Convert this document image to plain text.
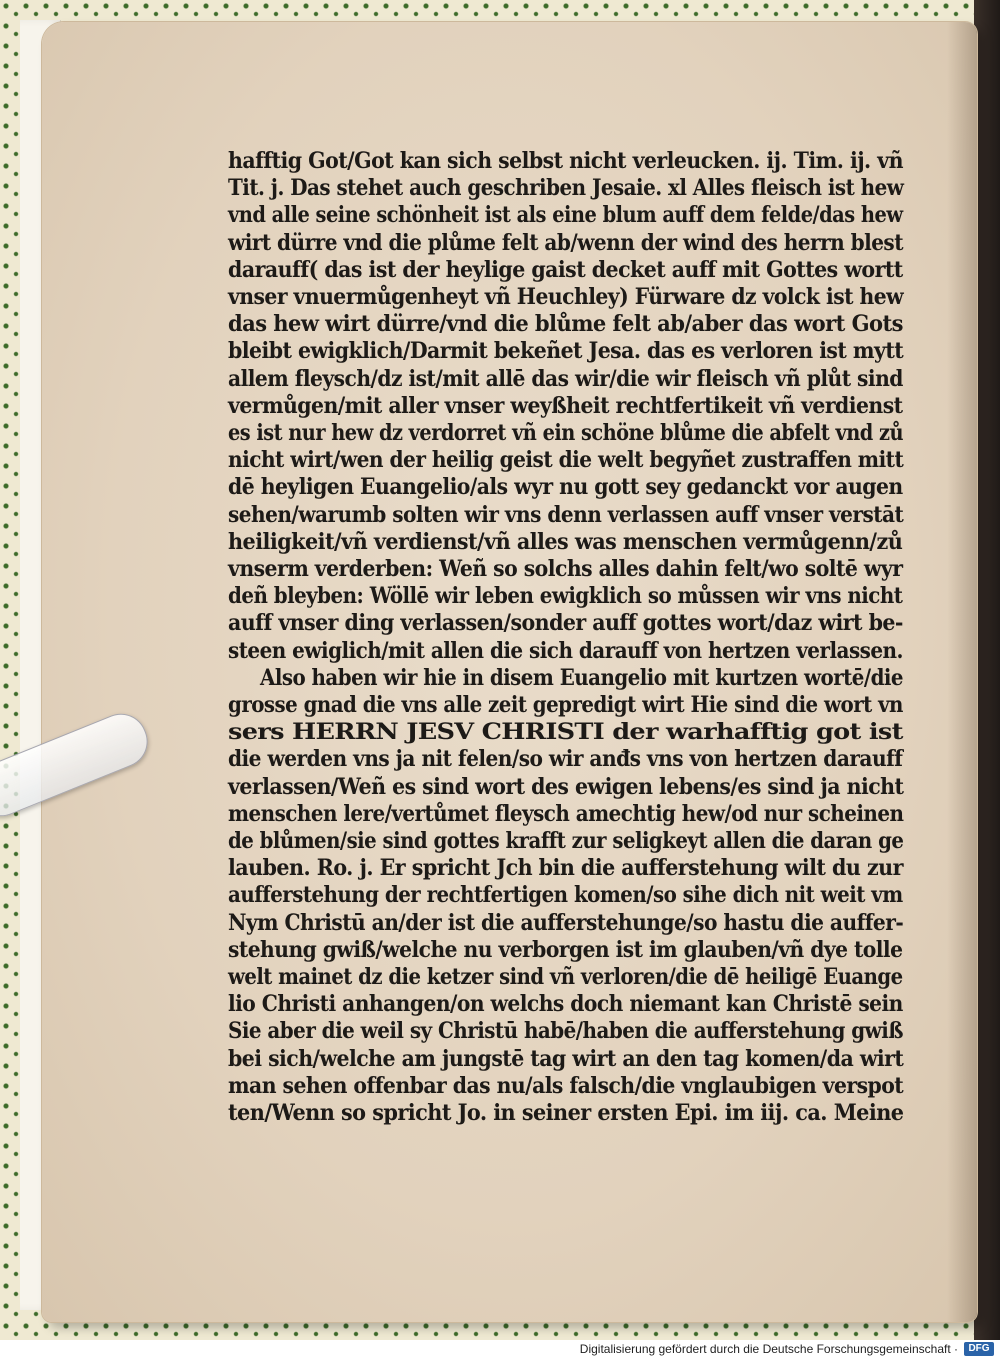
hafftig Got/Got kan sich selbst nicht verleucken. ij. Tim. ij. vñ
Tit. j. Das stehet auch geschriben Jesaie. xl Alles fleisch ist hew
vnd alle seine schönheit ist als eine blum auff dem felde/das hew
wirt dürre vnd die plůme felt ab/wenn der wind des herrn blest
darauff( das ist der heylige gaist decket auff mit Gottes wortt
vnser vnuermůgenheyt vñ Heuchley) Fürware dz volck ist hew
das hew wirt dürre/vnd die blůme felt ab/aber das wort Gots
bleibt ewigklich/Darmit bekeñet Jesa. das es verloren ist mytt
allem fleysch/dz ist/mit allē das wir/die wir fleisch vñ plůt sind
vermůgen/mit aller vnser weyßheit rechtfertikeit vñ verdienst
es ist nur hew dz verdorret vñ ein schöne blůme die abfelt vnd zů
nicht wirt/wen der heilig geist die welt begyñet zustraffen mitt
dē heyligen Euangelio/als wyr nu gott sey gedanckt vor augen
sehen/warumb solten wir vns denn verlassen auff vnser verstāt
heiligkeit/vñ verdienst/vñ alles was menschen vermůgenn/zů
vnserm verderben: Weñ so solchs alles dahin felt/wo soltē wyr
deñ bleyben: Wöllē wir leben ewigklich so můssen wir vns nicht
auff vnser ding verlassen/sonder auff gottes wort/daz wirt be-
steen ewiglich/mit allen die sich darauff von hertzen verlassen.
Also haben wir hie in disem Euangelio mit kurtzen wortē/die
grosse gnad die vns alle zeit gepredigt wirt Hie sind die wort vn
sers HERRN JESV CHRISTI der warhafftig got ist
die werden vns ja nit felen/so wir anđs vns von hertzen darauff
verlassen/Weñ es sind wort des ewigen lebens/es sind ja nicht
menschen lere/vertůmet fleysch amechtig hew/od nur scheinen
de blůmen/sie sind gottes krafft zur seligkeyt allen die daran ge
lauben. Ro. j. Er spricht Jch bin die aufferstehung wilt du zur
aufferstehung der rechtfertigen komen/so sihe dich nit weit vm
Nym Christū an/der ist die aufferstehunge/so hastu die auffer-
stehung gwiß/welche nu verborgen ist im glauben/vñ dye tolle
welt mainet dz die ketzer sind vñ verloren/die dē heiligē Euange
lio Christi anhangen/on welchs doch niemant kan Christē sein
Sie aber die weil sy Christū habē/haben die aufferstehung gwiß
bei sich/welche am jungstē tag wirt an den tag komen/da wirt
man sehen offenbar das nu/als falsch/die vnglaubigen verspot
ten/Wenn so spricht Jo. in seiner ersten Epi. im iij. ca. Meine
Digitalisierung gefördert durch die Deutsche Forschungsgemeinschaft ·	DFG
